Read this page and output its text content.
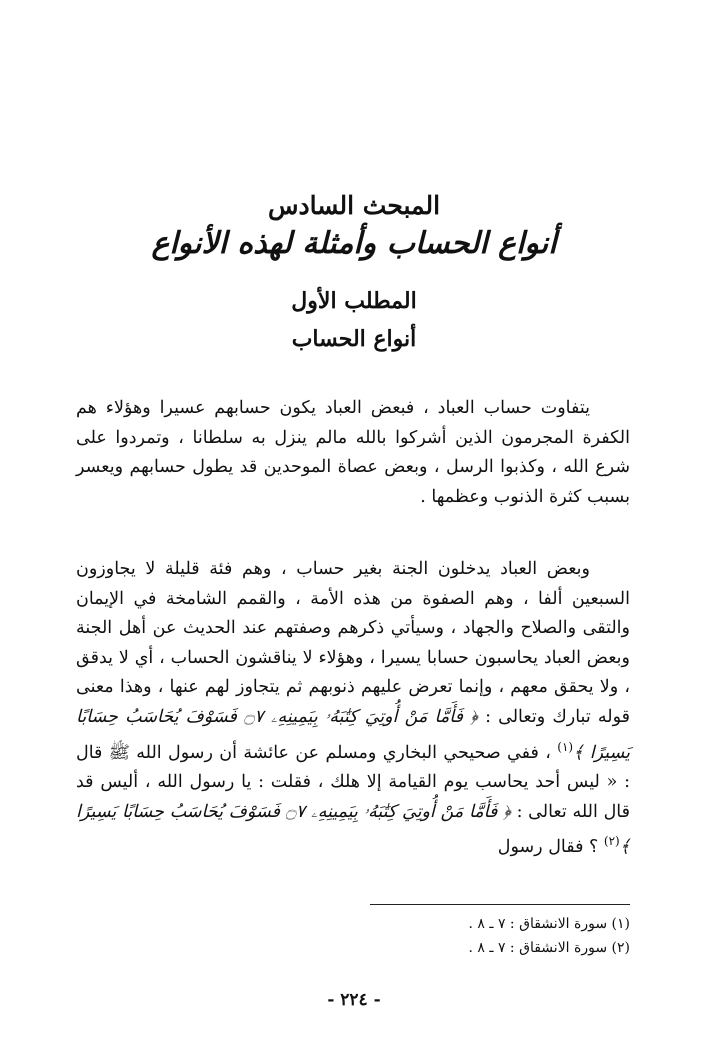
المبحث السادس

أنواع الحساب وأمثلة لهذه الأنواع

المطلب الأول

أنواع الحساب

يتفاوت حساب العباد ، فبعض العباد يكون حسابهم عسيرا وهؤلاء هم الكفرة المجرمون الذين أشركوا بالله مالم ينزل به سلطانا ، وتمردوا على شرع الله ، وكذبوا الرسل ، وبعض عصاة الموحدين قد يطول حسابهم ويعسر بسبب كثرة الذنوب وعظمها .
وبعض العباد يدخلون الجنة بغير حساب ، وهم فئة قليلة لا يجاوزون السبعين ألفا ، وهم الصفوة من هذه الأمة ، والقمم الشامخة في الإيمان والتقى والصلاح والجهاد ، وسيأتي ذكرهم وصفتهم عند الحديث عن أهل الجنة وبعض العباد يحاسبون حسابا يسيرا ، وهؤلاء لا يناقشون الحساب ، أي لا يدقق ، ولا يحقق معهم ، وإنما تعرض عليهم ذنوبهم ثم يتجاوز لهم عنها ، وهذا معنى قوله تبارك وتعالى : ﴿ فَأَمَّا مَنْ أُوتِيَ كِتَٰبَهُۥ بِيَمِينِهِۦ ۝٧ فَسَوْفَ يُحَاسَبُ حِسَابًا يَسِيرًا ﴾$^{(١)}$ ، ففي صحيحي البخاري ومسلم عن عائشة أن رسول الله ﷺ قال : « ليس أحد يحاسب يوم القيامة إلا هلك ، فقلت : يا رسول الله ، أليس قد قال الله تعالى : ﴿ فَأَمَّا مَنْ أُوتِيَ كِتَٰبَهُۥ بِيَمِينِهِۦ ۝٧ فَسَوْفَ يُحَاسَبُ حِسَابًا يَسِيرًا ﴾$^{(٢)}$ ؟ فقال رسول

(١) سورة الانشقاق : ٧ ـ ٨ .

(٢) سورة الانشقاق : ٧ ـ ٨ .

- ٢٢٤ -
